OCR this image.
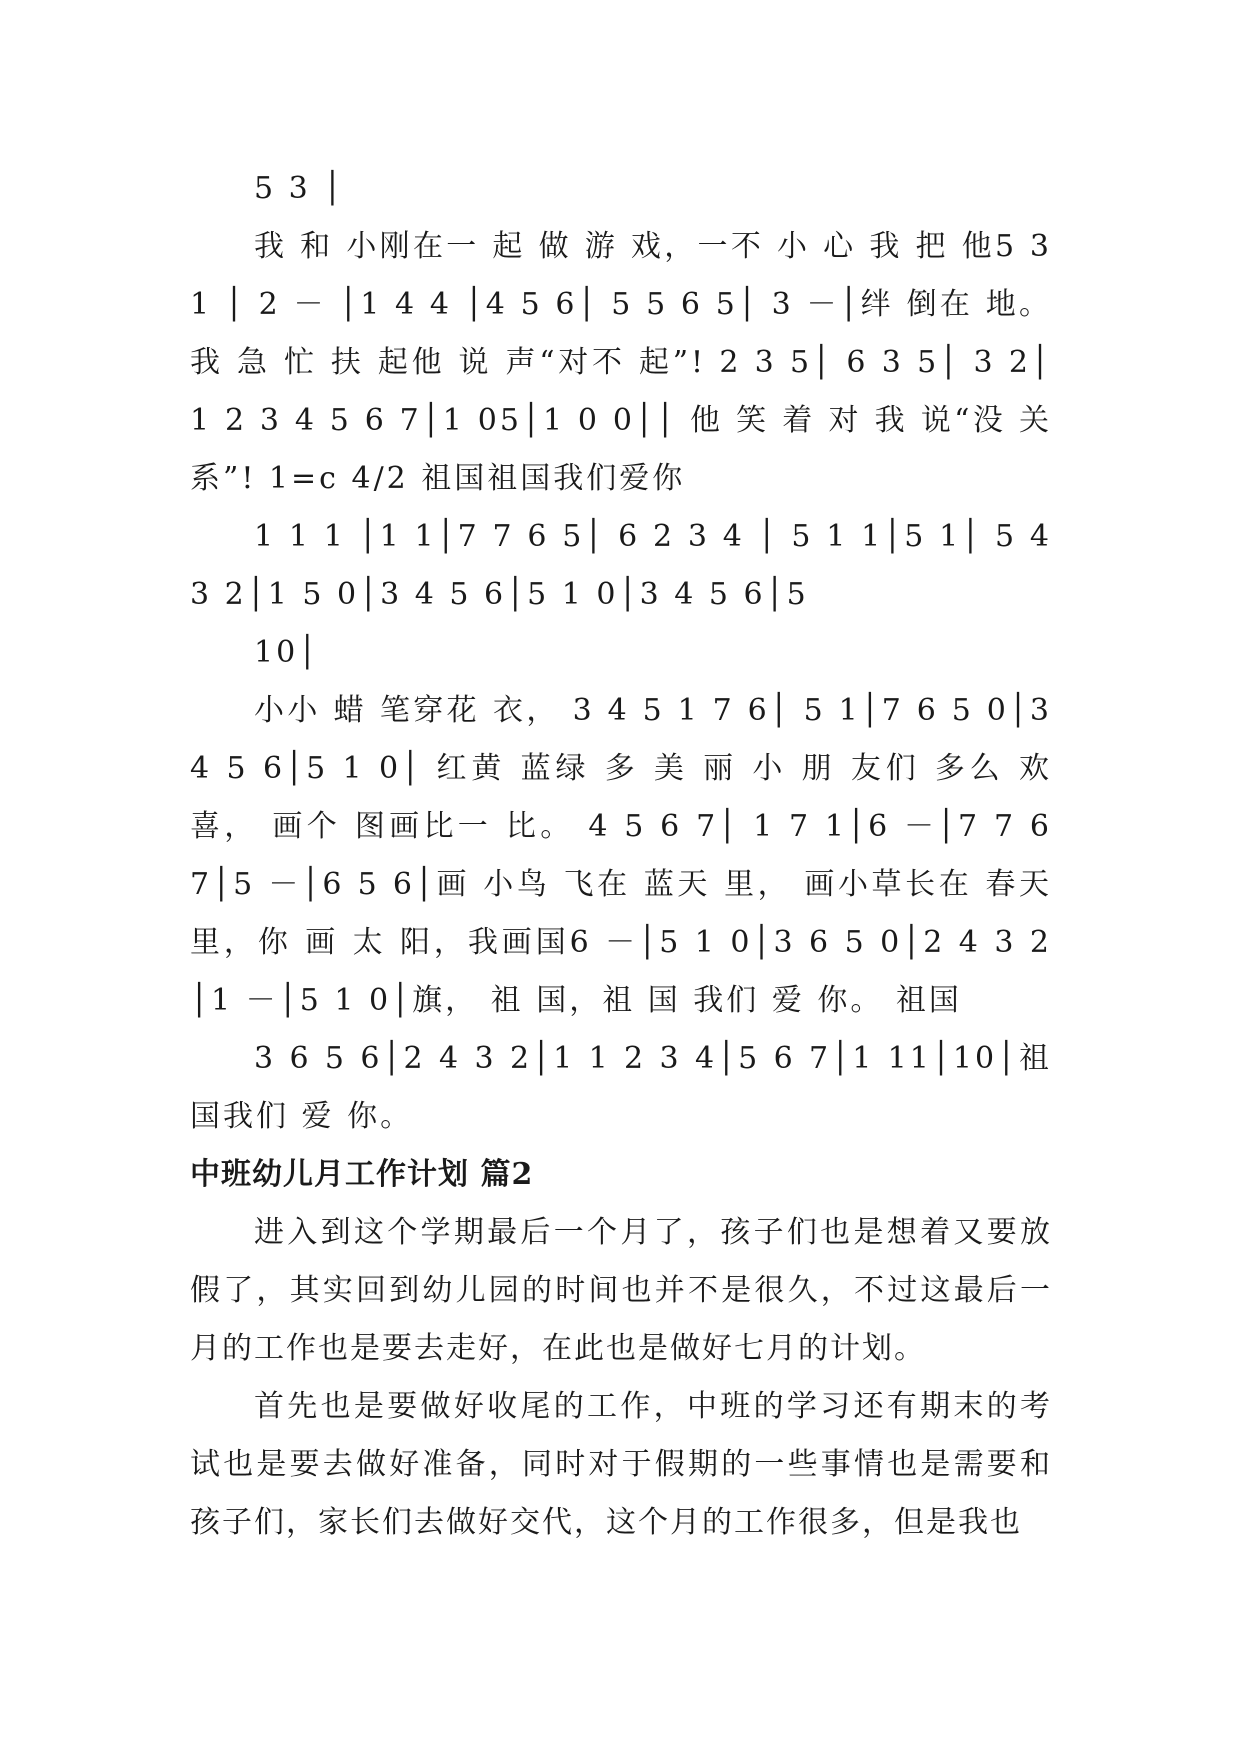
5 3 │

我 和 小刚在一 起 做 游 戏，一不 小 心 我 把 他5 3 1 │ 2 － │1 4 4 │4 5 6│ 5 5 6 5│ 3 －│绊 倒在 地。我 急 忙 扶 起他 说 声“对不 起”! 2 3 5│ 6 3 5│ 3 2│1 2 3 4 5 6 7│1 05│1 0 0││ 他 笑 着 对 我 说“没 关 系”! 1=c 4/2 祖国祖国我们爱你

1 1 1 │1 1│7 7 6 5│ 6 2 3 4 │ 5 1 1│5 1│ 5 4 3 2│1 5 0│3 4 5 6│5 1 0│3 4 5 6│5

10│

小小 蜡 笔穿花 衣， 3 4 5 1 7 6│ 5 1│7 6 5 0│3 4 5 6│5 1 0│ 红黄 蓝绿 多 美 丽 小 朋 友们 多么 欢喜， 画个 图画比一 比。 4 5 6 7│ 1 7 1│6 －│7 7 6 7│5 －│6 5 6│画 小鸟 飞在 蓝天 里， 画小草长在 春天 里，你 画 太 阳，我画国6 －│5 1 0│3 6 5 0│2 4 3 2│1 －│5 1 0│旗， 祖 国，祖 国 我们 爱 你。 祖国

3 6 5 6│2 4 3 2│1 1 2 3 4│5 6 7│1 11│10│祖 国我们 爱 你。

中班幼儿月工作计划 篇2

进入到这个学期最后一个月了，孩子们也是想着又要放假了，其实回到幼儿园的时间也并不是很久，不过这最后一月的工作也是要去走好，在此也是做好七月的计划。

首先也是要做好收尾的工作，中班的学习还有期末的考试也是要去做好准备，同时对于假期的一些事情也是需要和孩子们，家长们去做好交代，这个月的工作很多，但是我也
